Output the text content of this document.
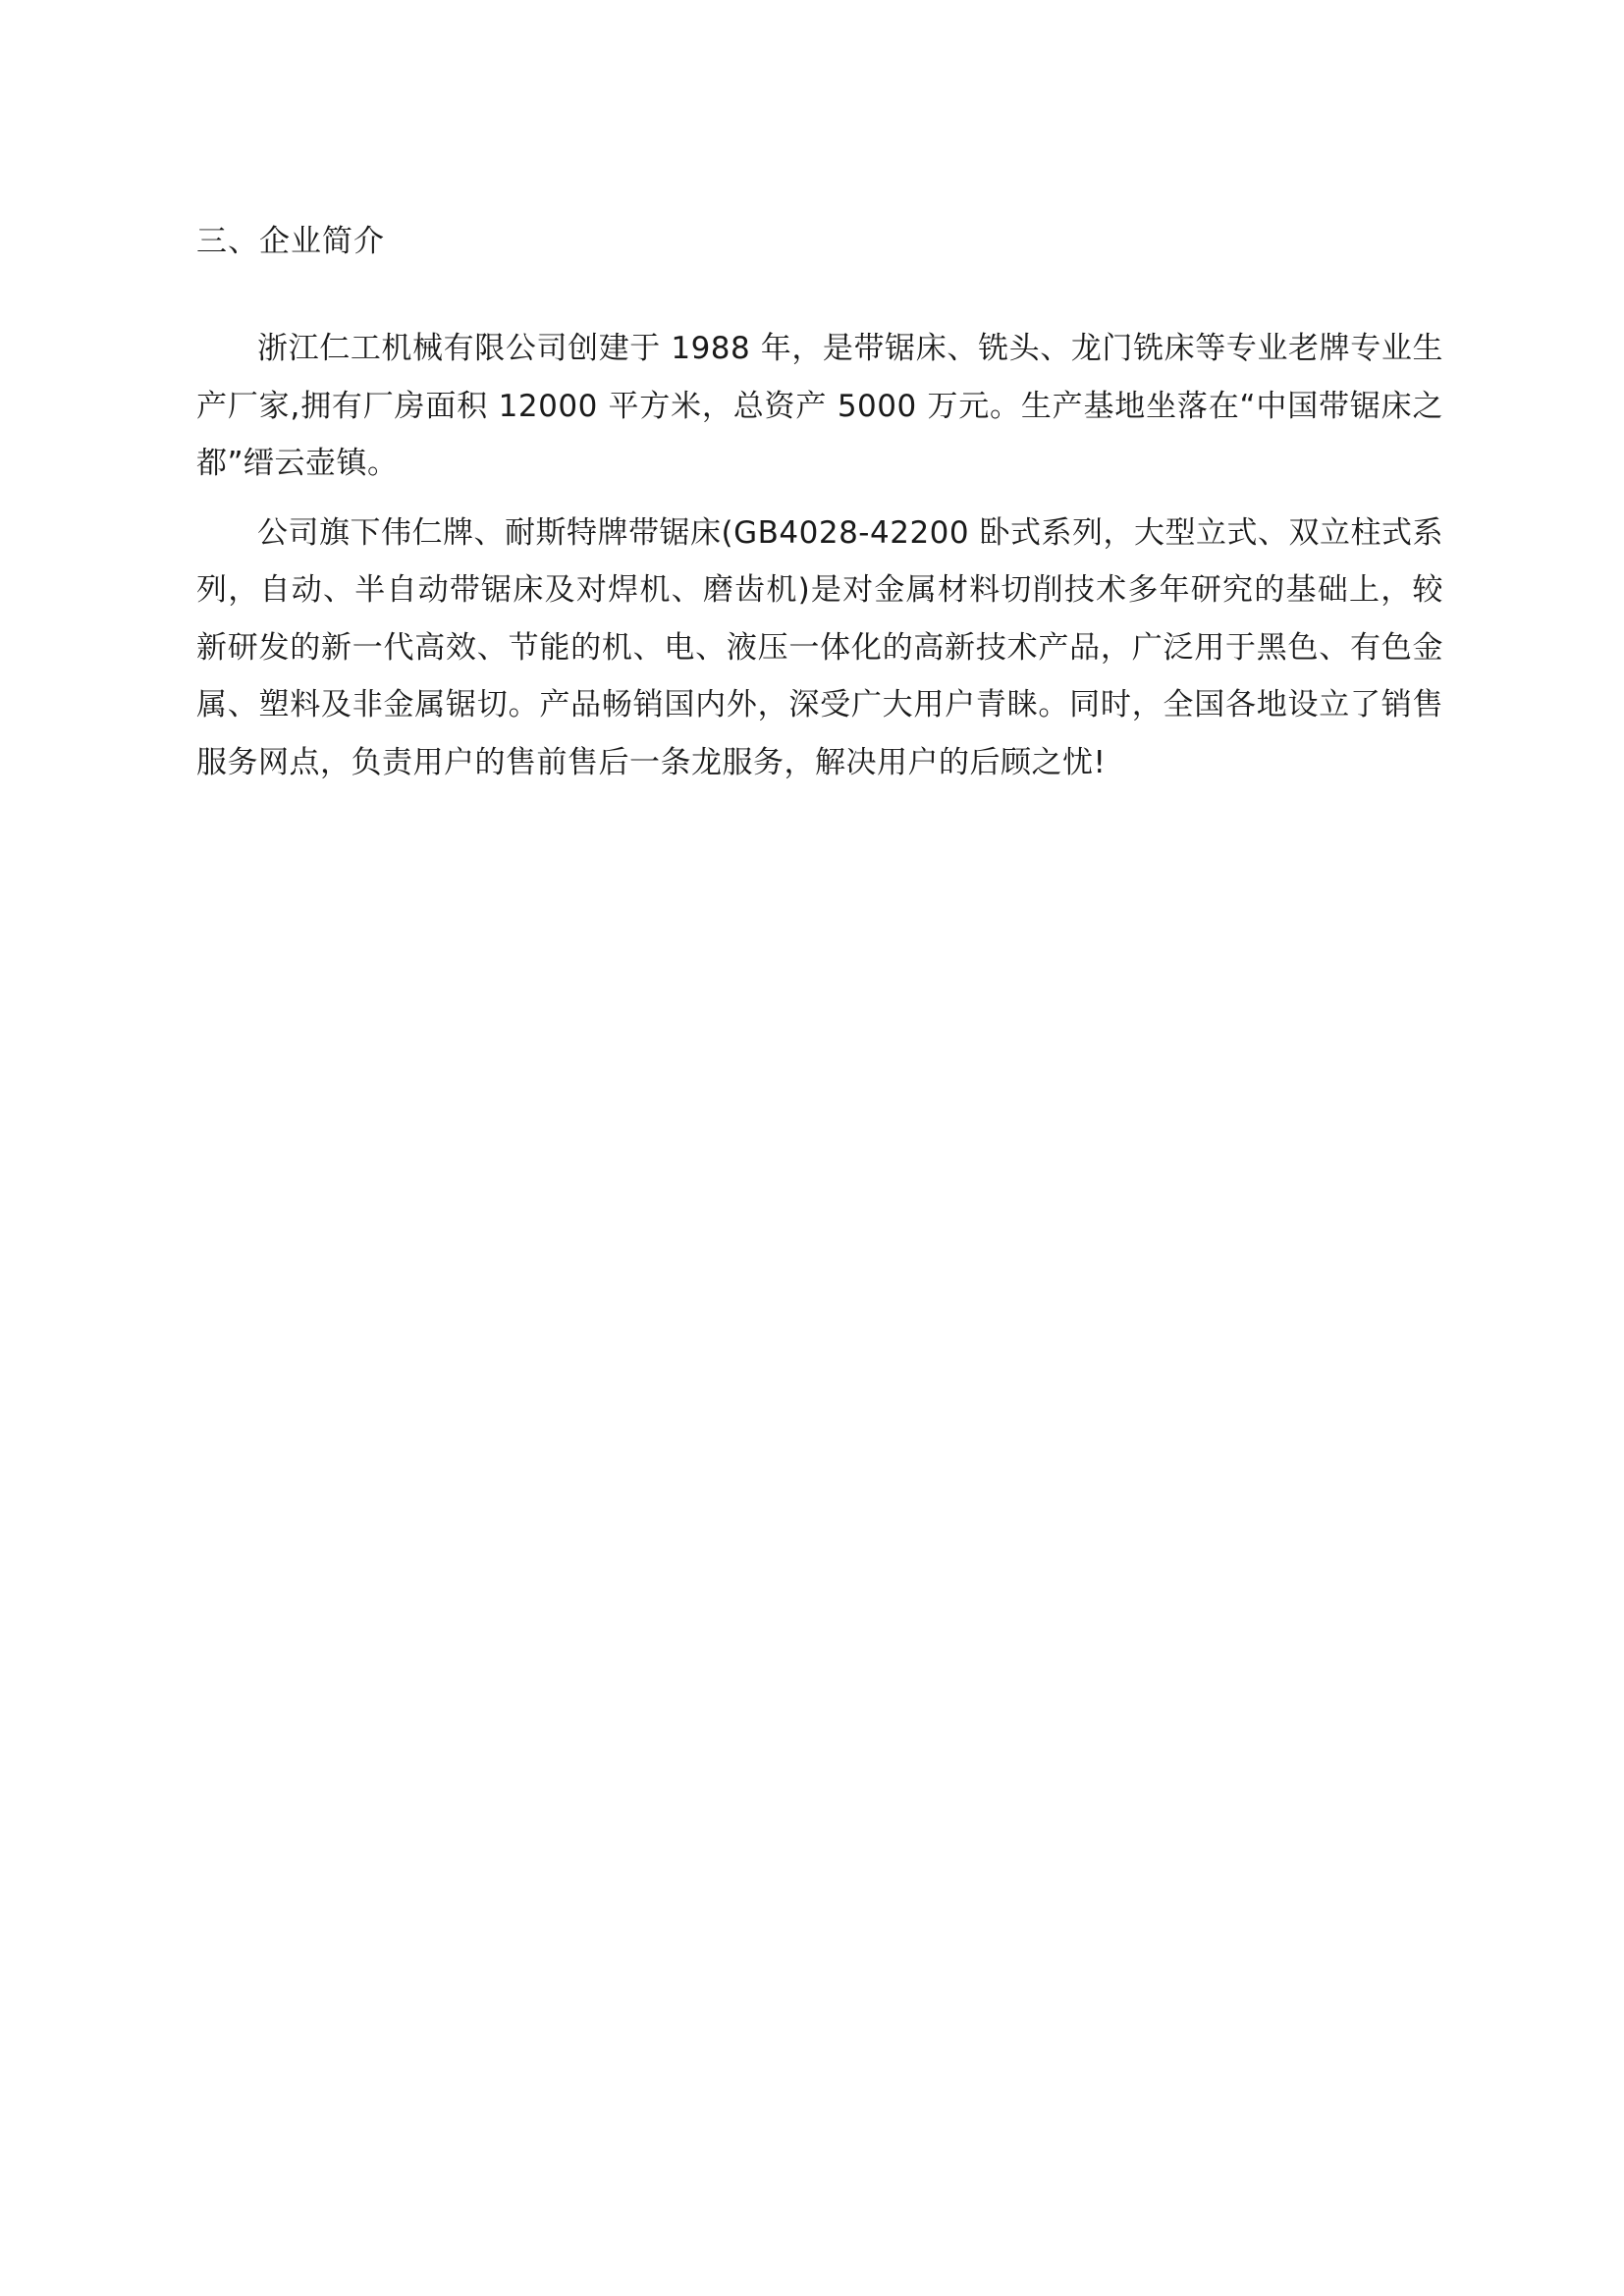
三、企业简介

浙江仁工机械有限公司创建于 1988 年，是带锯床、铣头、龙门铣床等专业老牌专业生产厂家,拥有厂房面积 12000 平方米，总资产 5000 万元。生产基地坐落在“中国带锯床之都”缙云壶镇。

公司旗下伟仁牌、耐斯特牌带锯床(GB4028-42200 卧式系列，大型立式、双立柱式系列，自动、半自动带锯床及对焊机、磨齿机)是对金属材料切削技术多年研究的基础上，较新研发的新一代高效、节能的机、电、液压一体化的高新技术产品，广泛用于黑色、有色金属、塑料及非金属锯切。产品畅销国内外，深受广大用户青睐。同时，全国各地设立了销售服务网点，负责用户的售前售后一条龙服务，解决用户的后顾之忧!
